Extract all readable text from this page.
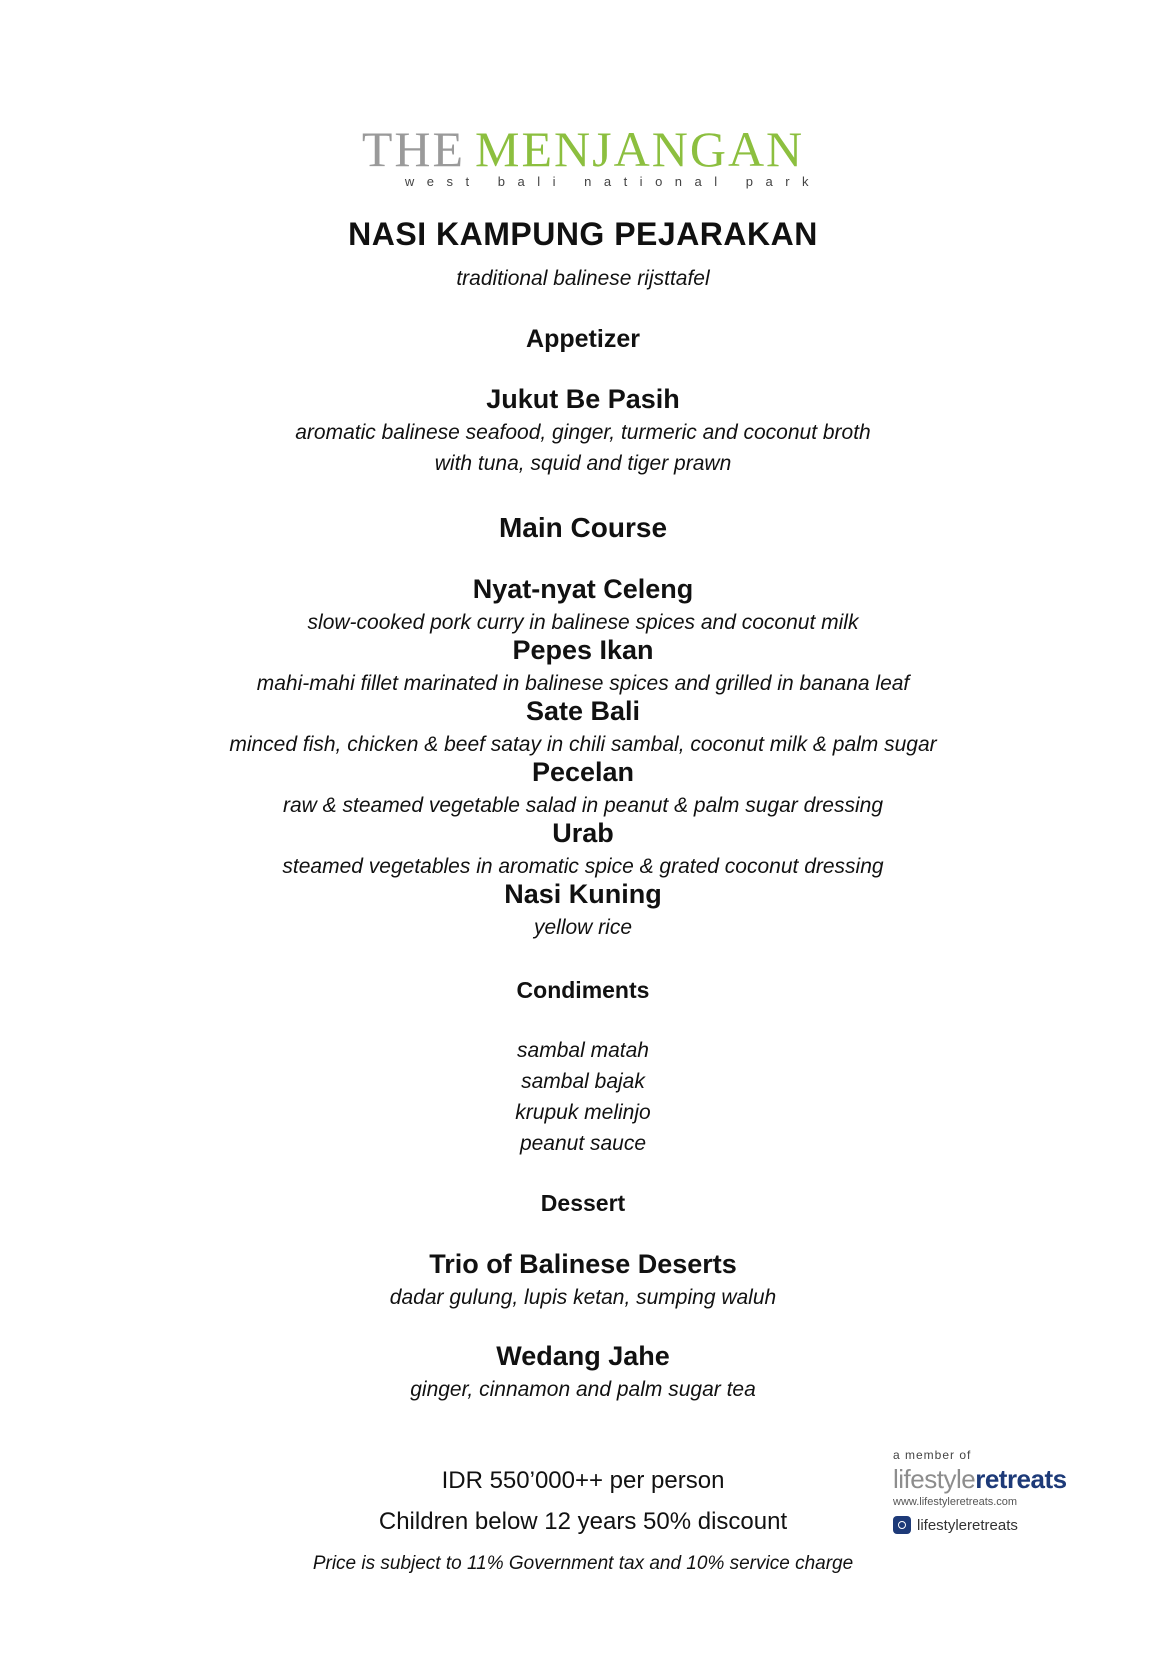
THE MENJANGAN
west bali national park
NASI KAMPUNG PEJARAKAN
traditional balinese rijsttafel
Appetizer
Jukut Be Pasih
aromatic balinese seafood, ginger, turmeric and coconut broth
with tuna, squid and tiger prawn
Main Course
Nyat-nyat Celeng
slow-cooked pork curry in balinese spices and coconut milk
Pepes Ikan
mahi-mahi fillet marinated in balinese spices and grilled in banana leaf
Sate Bali
minced fish, chicken & beef satay in chili sambal, coconut milk & palm sugar
Pecelan
raw & steamed vegetable salad in peanut & palm sugar dressing
Urab
steamed vegetables in aromatic spice & grated coconut dressing
Nasi Kuning
yellow rice
Condiments
sambal matah
sambal bajak
krupuk melinjo
peanut sauce
Dessert
Trio of Balinese Deserts
dadar gulung, lupis ketan, sumping waluh
Wedang Jahe
ginger, cinnamon and palm sugar tea
IDR 550’000++ per person
Children below 12 years 50% discount
Price is subject to 11% Government tax and 10% service charge
a member of
lifestyleretreats
www.lifestyleretreats.com
lifestyleretreats
